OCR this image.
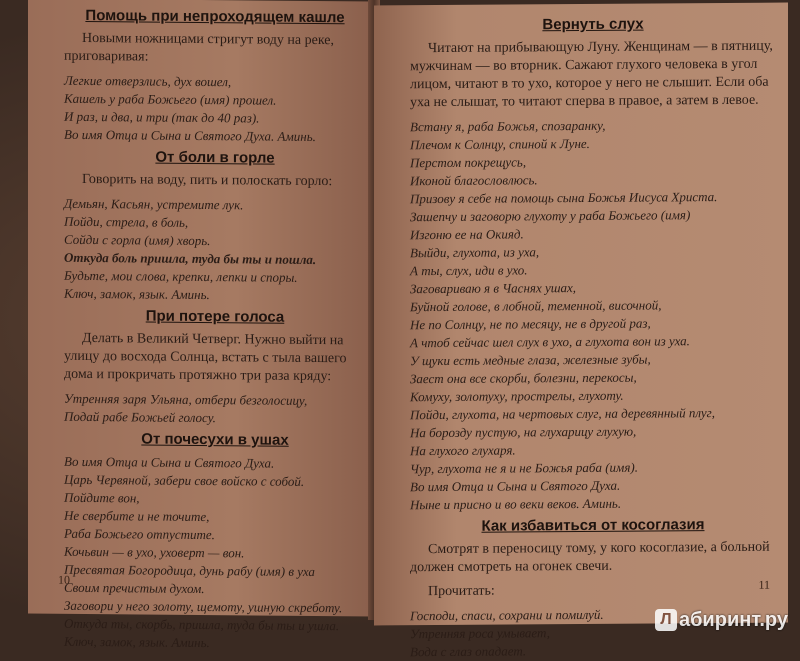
Помощь при непроходящем кашле

Новыми ножницами стригут воду на реке, приговаривая:

Легкие отверзлись, дух вошел,
Кашель у раба Божьего (имя) прошел.
И раз, и два, и три (так до 40 раз).
Во имя Отца и Сына и Святого Духа. Аминь.
От боли в горле

Говорить на воду, пить и полоскать горло:

Демьян, Касьян, устремите лук.
Пойди, стрела, в боль,
Сойди с горла (имя) хворь.
Откуда боль пришла, туда бы ты и пошла.
Будьте, мои слова, крепки, лепки и споры.
Ключ, замок, язык. Аминь.
При потере голоса

Делать в Великий Четверг. Нужно выйти на улицу до восхода Солнца, встать с тыла вашего дома и прокричать протяжно три раза кряду:

Утренняя заря Ульяна, отбери безголосицу,
Подай рабе Божьей голосу.
От почесухи в ушах
Во имя Отца и Сына и Святого Духа.
Царь Червяной, забери свое войско с собой.
Пойдите вон,
Не свербите и не точите,
Раба Божьего отпустите.
Кочьвин — в ухо, уховерт — вон.
Пресвятая Богородица, дунь рабу (имя) в уха
Своим пречистым духом.
Заговори у него золоту, щемоту, ушную скреботу.
Откуда ты, скорбь, пришла, туда бы ты и ушла.
Ключ, замок, язык. Аминь.
10
Вернуть слух

Читают на прибывающую Луну. Женщинам — в пятницу, мужчинам — во вторник. Сажают глухого человека в угол лицом, читают в то ухо, которое у него не слышит. Если оба уха не слышат, то читают сперва в правое, а затем в левое.

Встану я, раба Божья, спозаранку,
Плечом к Солнцу, спиной к Луне.
Перстом покрещусь,
Иконой благословлюсь.
Призову я себе на помощь сына Божья Иисуса Христа.
Зашепчу и заговорю глухоту у раба Божьего (имя)
Изгоню ее на Окияд.
Выйди, глухота, из уха,
А ты, слух, иди в ухо.
Заговариваю я в Часнях ушах,
Буйной голове, в лобной, теменной, височной,
Не по Солнцу, не по месяцу, не в другой раз,
А чтоб сейчас шел слух в ухо, а глухота вон из уха.
У щуки есть медные глаза, железные зубы,
Заест она все скорби, болезни, перекосы,
Комуху, золотуху, прострелы, глухоту.
Пойди, глухота, на чертовых слуг, на деревянный плуг,
На борозду пустую, на глухарицу глухую,
На глухого глухаря.
Чур, глухота не я и не Божья раба (имя).
Во имя Отца и Сына и Святого Духа.
Ныне и присно и во веки веков. Аминь.
Как избавиться от косоглазия

Смотрят в переносицу тому, у кого косоглазие, а больной должен смотреть на огонек свечи.

Прочитать:

Господи, спаси, сохрани и помилуй.
Утренняя роса умывает,
Вода с глаз опадает.
11
Л абиринт.ру
